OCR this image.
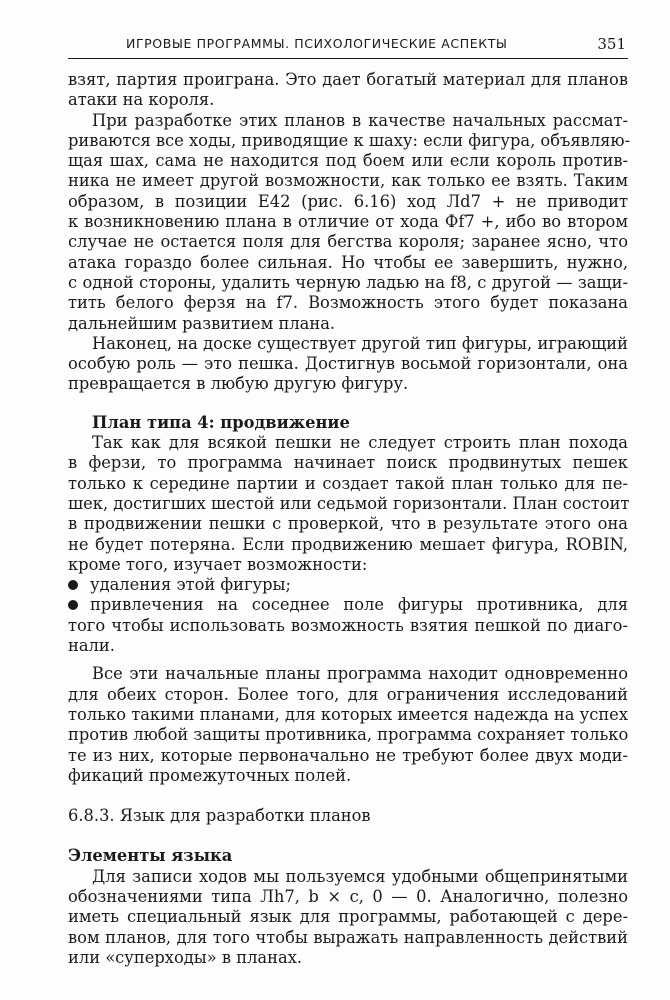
ИГРОВЫЕ ПРОГРАММЫ. ПСИХОЛОГИЧЕСКИЕ АСПЕКТЫ	351
взят, партия проиграна. Это дает богатый материал для планов
атаки на короля.
При разработке этих планов в качестве начальных рассмат-
риваются все ходы, приводящие к шаху: если фигура, объявляю-
щая шах, сама не находится под боем или если король против-
ника не имеет другой возможности, как только ее взять. Таким
образом, в позиции E42 (рис. 6.16) ход Лd7 + не приводит
к возникновению плана в отличие от хода Фf7 +, ибо во втором
случае не остается поля для бегства короля; заранее ясно, что
атака гораздо более сильная. Но чтобы ее завершить, нужно,
с одной стороны, удалить черную ладью на f8, с другой — защи-
тить белого ферзя на f7. Возможность этого будет показана
дальнейшим развитием плана.
Наконец, на доске существует другой тип фигуры, играющий
особую роль — это пешка. Достигнув восьмой горизонтали, она
превращается в любую другую фигуру.
План типа 4: продвижение
Так как для всякой пешки не следует строить план похода
в ферзи, то программа начинает поиск продвинутых пешек
только к середине партии и создает такой план только для пе-
шек, достигших шестой или седьмой горизонтали. План состоит
в продвижении пешки с проверкой, что в результате этого она
не будет потеряна. Если продвижению мешает фигура, ROBIN,
кроме того, изучает возможности:
удаления этой фигуры;
привлечения на соседнее поле фигуры противника, для
того чтобы использовать возможность взятия пешкой по диаго-
нали.
Все эти начальные планы программа находит одновременно
для обеих сторон. Более того, для ограничения исследований
только такими планами, для которых имеется надежда на успех
против любой защиты противника, программа сохраняет только
те из них, которые первоначально не требуют более двух моди-
фикаций промежуточных полей.
6.8.3. Язык для разработки планов
Элементы языка
Для записи ходов мы пользуемся удобными общепринятыми
обозначениями типа Лh7, b × c, 0 — 0. Аналогично, полезно
иметь специальный язык для программы, работающей с дере-
вом планов, для того чтобы выражать направленность действий
или «суперходы» в планах.
